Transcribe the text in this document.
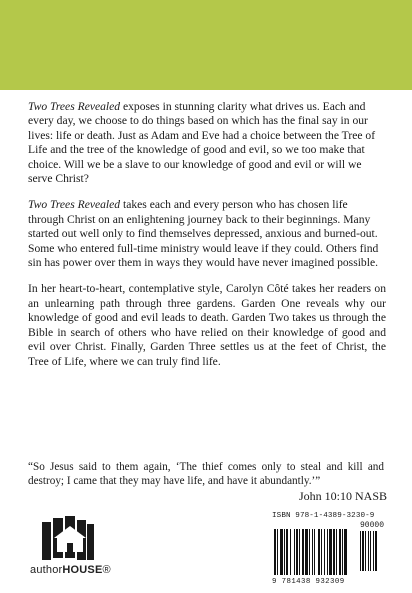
Two Trees Revealed exposes in stunning clarity what drives us. Each and every day, we choose to do things based on which has the final say in our lives: life or death. Just as Adam and Eve had a choice between the Tree of Life and the tree of the knowledge of good and evil, so we too make that choice. Will we be a slave to our knowledge of good and evil or will we serve Christ?

Two Trees Revealed takes each and every person who has chosen life through Christ on an enlightening journey back to their beginnings. Many started out well only to find themselves depressed, anxious and burned-out. Some who entered full-time ministry would leave if they could. Others find sin has power over them in ways they would have never imagined possible.

In her heart-to-heart, contemplative style, Carolyn Côté takes her readers on an unlearning path through three gardens. Garden One reveals why our knowledge of good and evil leads to death. Garden Two takes us through the Bible in search of others who have relied on their knowledge of good and evil over Christ. Finally, Garden Three settles us at the feet of Christ, the Tree of Life, where we can truly find life.

“So Jesus said to them again, ‘The thief comes only to steal and kill and destroy; I came that they may have life, and have it abundantly.’”
John 10:10 NASB
authorHOUSE®
ISBN 978-1-4389-3230-9
90000
9 781438 932309
